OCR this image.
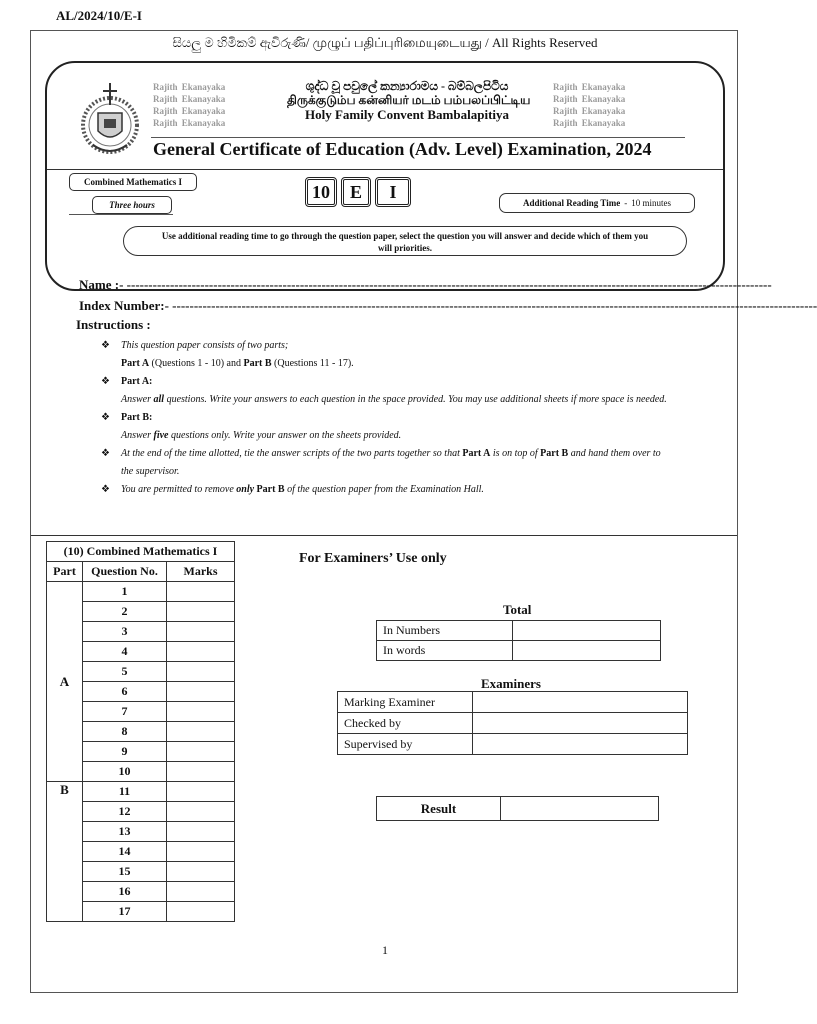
AL/2024/10/E-I
සියලු ම හිමිකම් ඇවිරුණි/ முழுப் பதிப்புரிமையுடையது / All Rights Reserved
Rajith Ekanayaka
Rajith Ekanayaka
Rajith Ekanayaka
Rajith Ekanayaka
Rajith Ekanayaka
Rajith Ekanayaka
Rajith Ekanayaka
Rajith Ekanayaka
ශුද්ධ වූ පවුලේ කන්‍යාරාමය - බම්බලපිටිය
திருக்குடும்ப கன்னியர் மடம் பம்பலப்பிட்டிய
Holy Family Convent Bambalapitiya
General Certificate of Education (Adv. Level) Examination, 2024
Combined Mathematics I
Three hours
10	E	I
Additional Reading Time - 10 minutes
Use additional reading time to go through the question paper, select the question you will answer and decide which of them you will priorities.
Name :- -----------------------------------------------------------------------------------------------------------------------------------------------------
Index Number:- -----------------------------------------------------------------------------------------------------------------------------------------------------
Instructions :
❖ This question paper consists of two parts;
Part A (Questions 1 - 10) and Part B (Questions 11 - 17).
❖ Part A:
Answer all questions. Write your answers to each question in the space provided. You may use additional sheets if more space is needed.
❖ Part B:
Answer five questions only. Write your answer on the sheets provided.
❖ At the end of the time allotted, tie the answer scripts of the two parts together so that Part A is on top of Part B and hand them over to the supervisor.
❖ You are permitted to remove only Part B of the question paper from the Examination Hall.
(10) Combined Mathematics I		
Part	Question No.	Marks
A	1	
	2	
	3	
	4	
	5	
	6	
	7	
	8	
	9	
	10	
B	11	
	12	
	13	
	14	
	15	
	16	
	17	
For Examiners’ Use only
Total
In Numbers	
In words	
Examiners
Marking Examiner	
Checked by	
Supervised by	
Result	
1
